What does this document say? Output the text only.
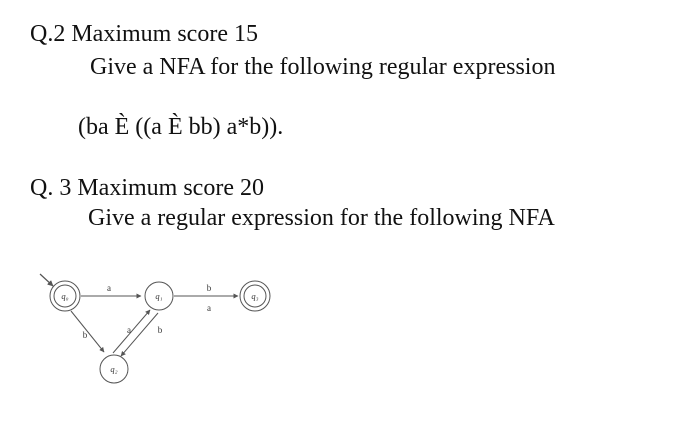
Q.2 Maximum score 15

Give a NFA for the following regular expression

(ba È ((a È bb) a*b)).

Q. 3 Maximum score 20

Give a regular expression for the following NFA

a	b
a
b	a	b
q₀	q₁
q₂
q₃
